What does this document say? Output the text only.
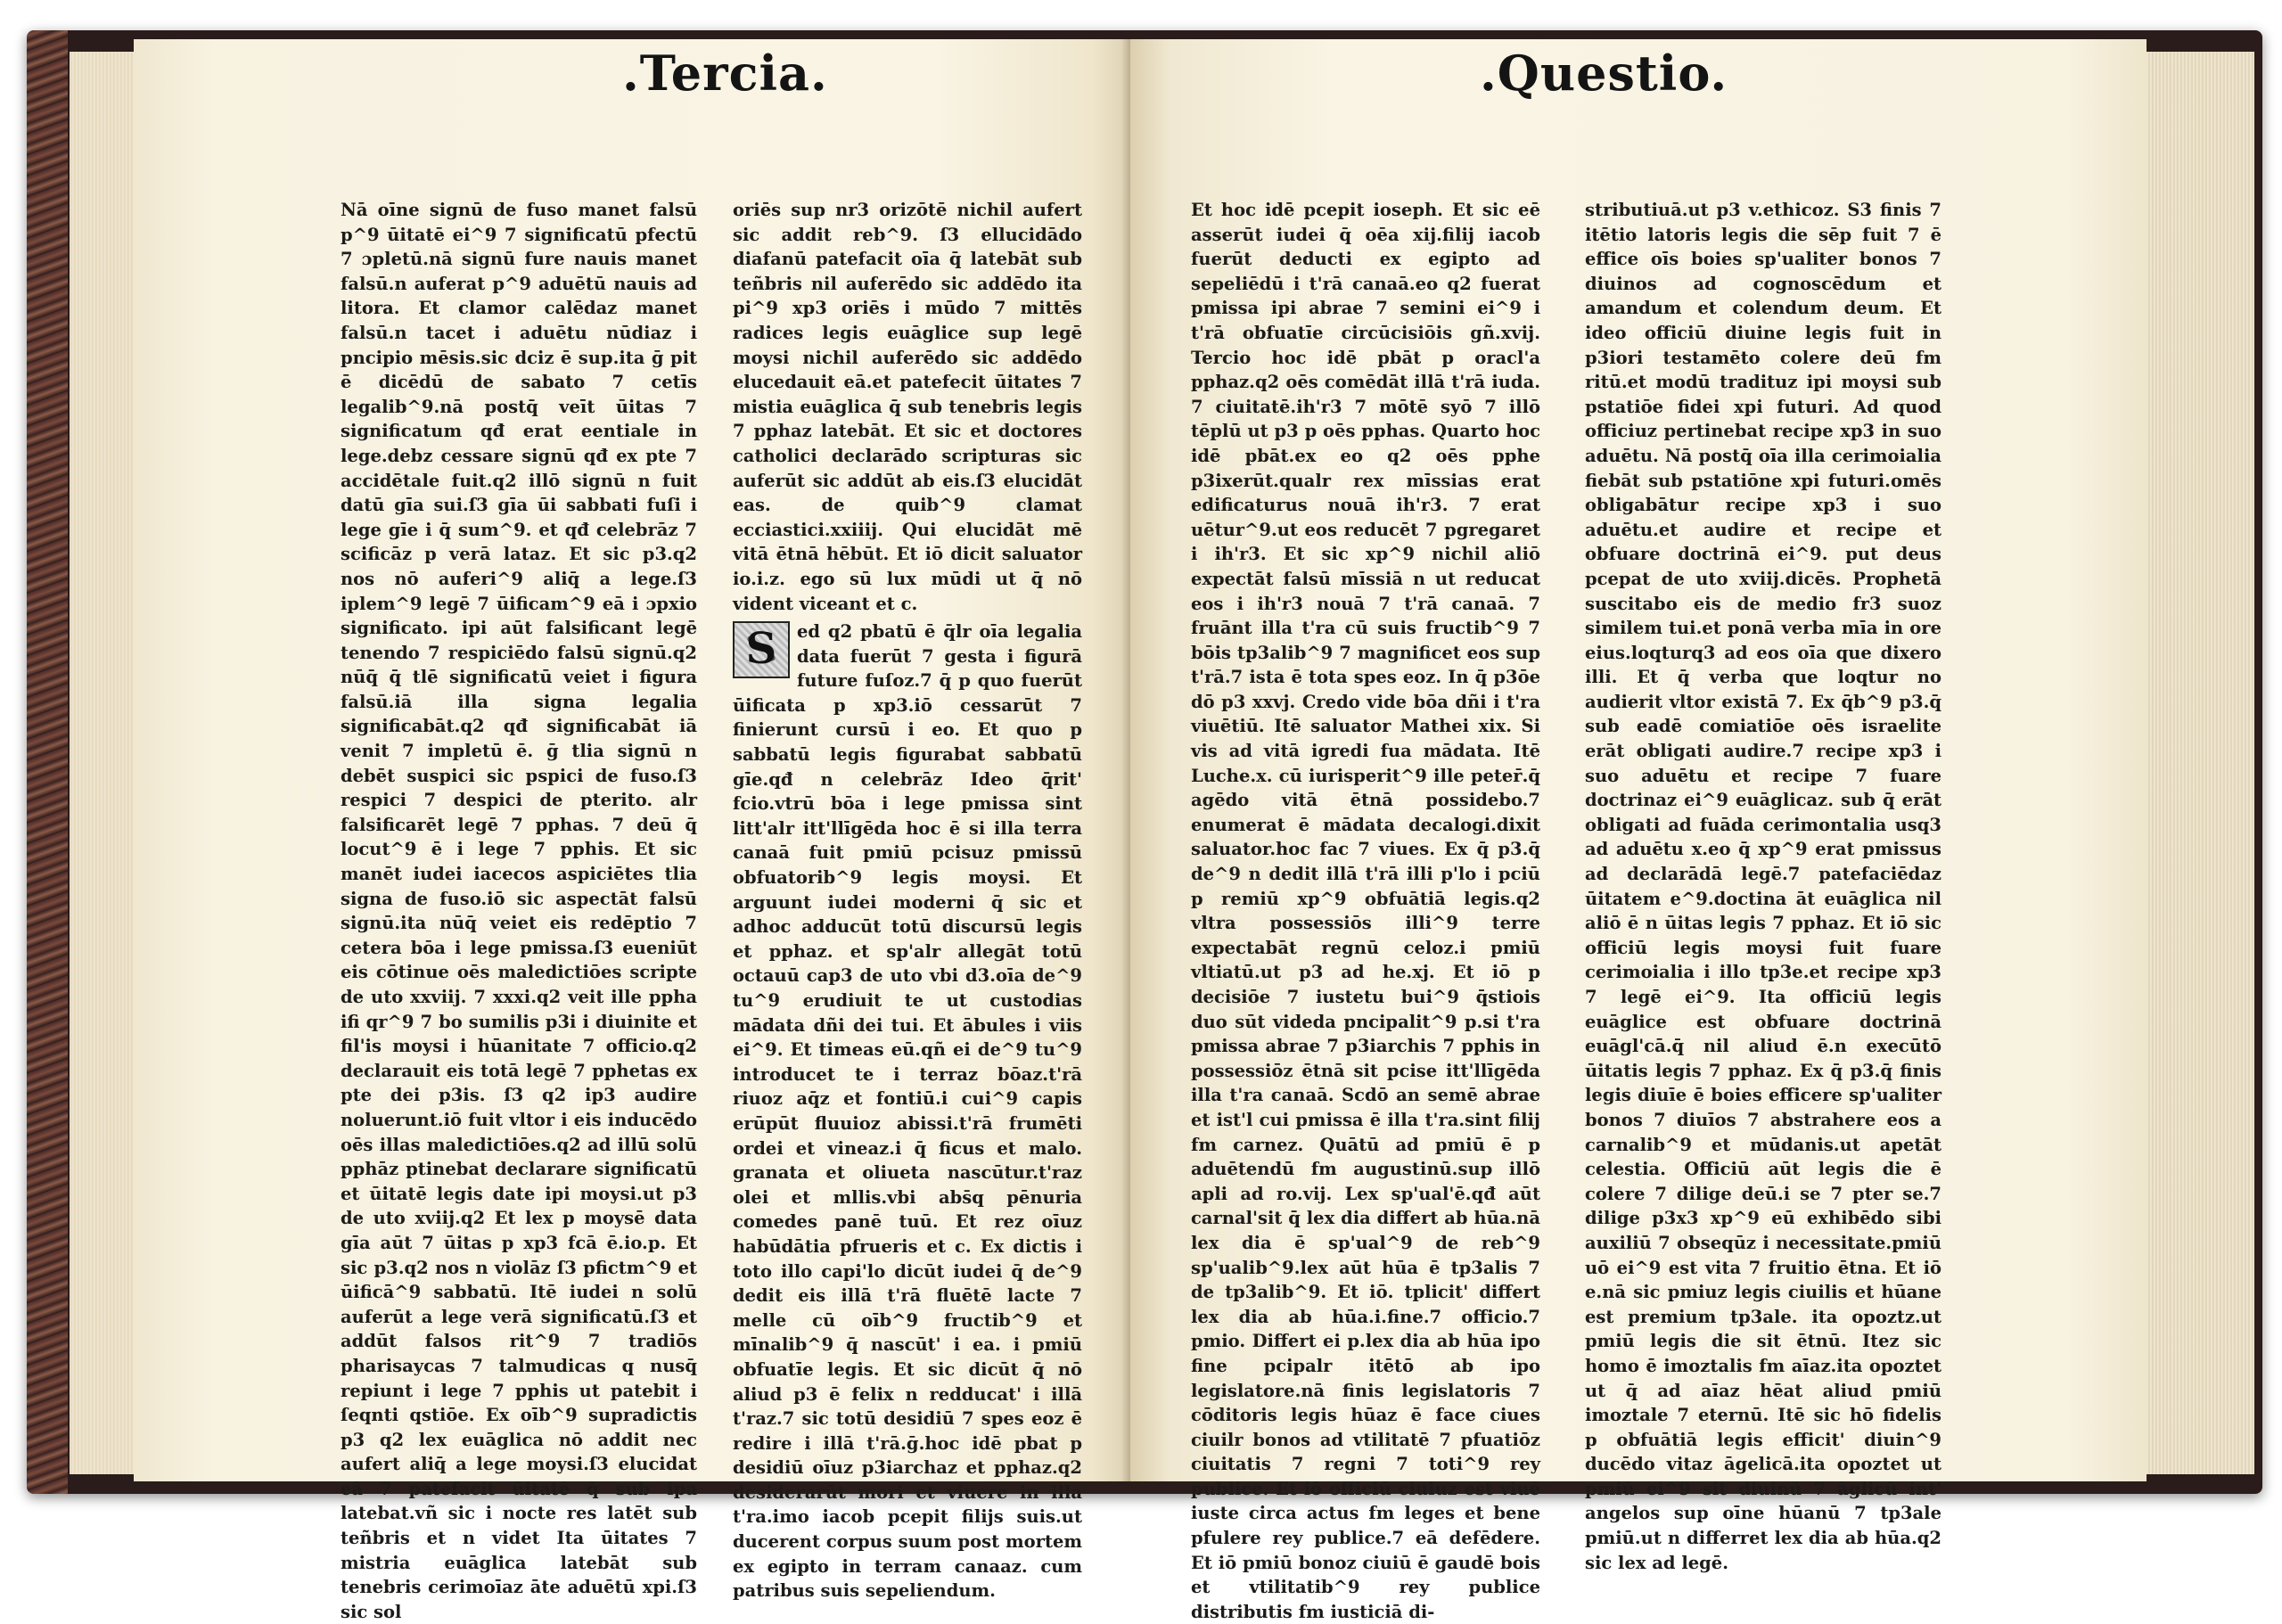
.Tercia.

Nā oīne signū de fuso manet falsū p^9 ūitatē ei^9 7 significatū pfectū 7 ɔpletū.nā signū fure nauis manet falsū.n auferat p^9 aduētū nauis ad litora. Et clamor calēdaz manet falsū.n tacet i aduētu nūdiaz i pncipio mēsis.sic dciz ē sup.ita ḡ pit ē dicēdū de sabato 7 cetīs legalib^9.nā postq̄ veīt ūitas 7 significatum qđ erat eentiale in lege.debz cessare signū qđ ex pte 7 accidētale fuit.q2 illō signū n fuit datū gīa sui.ſ3 gīa ūi sabbati fuſi i lege gīe i q̄ sum^9. et qđ celebrāz 7 scificāz p verā lataz. Et sic p3.q2 nos nō auferi^9 aliq̄ a lege.ſ3 iplem^9 legē 7 ūificam^9 eā i ɔpxio significato. ipi aūt falsificant legē tenendo 7 respiciēdo falsū signū.q2 nūq̄ q̄ tlē significatū veiet i figura falsū.iā illa signa legalia significabāt.q2 qđ significabāt iā venit 7 impletū ē. ḡ tlia signū n debēt suspici sic pspici de fuso.ſ3 respici 7 despici de pterito. alr falsificarēt legē 7 pphas. 7 deū q̄ locut^9 ē i lege 7 pphis. Et sic manēt iudei iacecos aspiciētes tlia signa de fuso.iō sic aspectāt falsū signū.ita nūq̄ veiet eis redēptio 7 cetera bōa i lege pmissa.ſ3 eueniūt eis cōtinue oēs maledictiōes scripte de uto xxviij. 7 xxxi.q2 veit ille ppha ifi qr^9 7 bo sumilis p3i i diuinite et fil'is moysi i hūanitate 7 officio.q2 declarauit eis totā legē 7 pphetas ex pte dei p3is. ſ3 q2 ip3 audire noluerunt.iō fuit vltor i eis inducēdo oēs illas maledictiōes.q2 ad illū solū pphāz ptinebat declarare significatū et ūitatē legis date ipi moysi.ut p3 de uto xviij.q2 Et lex p moysē data gīa aūt 7 ūitas p xp3 fcā ē.io.p. Et sic p3.q2 nos n violāz ſ3 pfictm^9 et ūificā^9 sabbatū. Itē iudei n solū auferūt a lege verā significatū.ſ3 et addūt falsos rit^9 7 tradiōs pharisaycas 7 talmudicas q nusq̄ repiunt i lege 7 pphis ut patebit i ſeqnti qstiōe. Ex oīb^9 supradictis p3 q2 lex euāglica nō addit nec aufert aliq̄ a lege moysi.ſ3 elucidat eā 7 patefacit ūitatē q̄ sub ipa latebat.vñ sic i nocte res latēt sub teñbris et n videt Ita ūitates 7 mistria euāglica latebāt sub tenebris cerimoīaz āte aduētū xpi.ſ3 sic sol

oriēs sup nr3 orizōtē nichil aufert sic addit reb^9. ſ3 ellucidādo diafanū patefacit oīa q̄ latebāt sub teñbris nil auferēdo sic addēdo ita pi^9 xp3 oriēs i mūdo 7 mittēs radices legis euāglice sup legē moysi nichil auferēdo sic addēdo elucedauit eā.et patefecit ūitates 7 mistia euāglica q̄ sub tenebris legis 7 pphaz latebāt. Et sic et doctores catholici declarādo scripturas sic auferūt sic addūt ab eis.ſ3 elucidāt eas. de quib^9 clamat ecciastici.xxiiij. Qui elucidāt mē vitā ētnā hēbūt. Et iō dicit saluator io.i.z. ego sū lux mūdi ut q̄ nō vident viceant et c.

S	ed q2 pbatū ē q̄lr oīa legalia data fuerūt 7 gesta i figurā future fuſoz.7 q̄ p quo fuerūt ūificata p xp3.iō cessarūt 7 finierunt cursū i eo. Et quo p sabbatū legis figurabat sabbatū gīe.qđ n celebrāz Ideo q̄rit' fcio.vtrū bōa i lege pmissa sint litt'alr itt'llīgēda hoc ē si illa terra canaā fuit pmiū pcisuz pmissū obfuatorib^9 legis moysi. Et arguunt iudei moderni q̄ sic et adhoc adducūt totū discursū legis et pphaz. et sp'alr allegāt totū octauū cap3 de uto vbi d3.oīa de^9 tu^9 erudiuit te ut custodias mādata dñi dei tui. Et ābules i viis ei^9. Et timeas eū.qñ ei de^9 tu^9 introducet te i terraz bōaz.t'rā riuoz aq̄z et fontiū.i cui^9 capis erūpūt fluuioz abissi.t'rā frumēti ordei et vineaz.i q̄ ficus et malo. granata et oliueta nascūtur.t'raz olei et mllis.vbi abs̄q pēnuria comedes panē tuū. Et rez oīuz habūdātia pfrueris et c. Ex dictis i toto illo capi'lo dicūt iudei q̄ de^9 dedit eis illā t'rā fluētē lacte 7 melle cū oīb^9 fructib^9 et mīnalib^9 q̄ nascūt' i ea. i pmiū obfuatīe legis. Et sic dicūt q̄ nō aliud p3 ē felix n redducat' i illā t'raz.7 sic totū desidiū 7 spes eoz ē redire i illā t'rā.ḡ.hoc idē pbat p desidiū oīuz p3iarchaz et pphaz.q2 desiderarūt mori et viuere in illa t'ra.imo iacob pcepit filijs suis.ut ducerent corpus suum post mortem ex egipto in terram canaaz. cum patribus suis sepeliendum.

.Questio.

Et hoc idē pcepit ioseph. Et sic eē asserūt iudei q̄ oēa xij.filij iacob fuerūt deducti ex egipto ad sepeliēdū i t'rā canaā.eo q2 fuerat pmissa ipi abrae 7 semini ei^9 i t'rā obfuatīe circūcisiōis gñ.xvij. Tercio hoc idē pbāt p oracl'a pphaz.q2 oēs comēdāt illā t'rā iuda. 7 ciuitatē.ih'r3 7 mōtē syō 7 illō tēplū ut p3 p oēs pphas. Quarto hoc idē pbāt.ex eo q2 oēs pphe p3ixerūt.qualr rex mīssias erat edificaturus nouā ih'r3. 7 erat uētur^9.ut eos reducēt 7 pgregaret i ih'r3. Et sic xp^9 nichil aliō expectāt falsū mīssiā n ut reducat eos i ih'r3 nouā 7 t'rā canaā. 7 fruānt illa t'ra cū suis fructib^9 7 bōis tp3alib^9 7 magnificet eos sup t'rā.7 ista ē tota spes eoz. In q̄ p3ōe dō p3 xxvj. Credo vide bōa dñi i t'ra viuētiū. Itē saluator Mathei xix. Si vis ad vitā igredi fua mādata. Itē Luche.x. cū iurisperit^9 ille peter̄.q̄ agēdo vitā ētnā possidebo.7 enumerat ē mādata decalogi.dixit saluator.hoc fac 7 viues. Ex q̄ p3.q̄ de^9 n dedit illā t'rā illi p'lo i pciū p remiū xp^9 obfuātiā legis.q2 vltra possessiōs illi^9 terre expectabāt regnū celoz.i pmiū vltiatū.ut p3 ad he.xj. Et iō p decisiōe 7 iustetu bui^9 q̄stiois duo sūt videda pncipalit^9 p.si t'ra pmissa abrae 7 p3iarchis 7 pphis in possessiōz ētnā sit pcise itt'llīgēda illa t'ra canaā. Scdō an semē abrae et ist'l cui pmissa ē illa t'ra.sint filij fm carnez. Quātū ad pmiū ē p aduētendū fm augustinū.sup illō apli ad ro.vij. Lex sp'ual'ē.qđ aūt carnal'sit q̄ lex dia differt ab hūa.nā lex dia ē sp'ual^9 de reb^9 sp'ualib^9.lex aūt hūa ē tp3alis 7 de tp3alib^9. Et iō. tplicit' differt lex dia ab hūa.i.fine.7 officio.7 pmio. Differt ei p.lex dia ab hūa ipo fine pcipalr itētō ab ipo legislatore.nā finis legislatoris 7 cōditoris legis hūaz ē face ciues ciuilr bonos ad vtilitatē 7 pfuatiōz ciuitatis 7 regni 7 toti^9 rey publice. Et iō officiū ciuiuz est viuē iuste circa actus fm leges et bene pfulere rey publice.7 eā defēdere. Et iō pmiū bonoz ciuiū ē gaudē bois et vtilitatib^9 rey publice distributis fm iusticiā di-

stributiuā.ut p3 v.ethicoz. S3 finis 7 itētio latoris legis die sēp fuit 7 ē effice oīs boies sp'ualiter bonos 7 diuinos ad cognoscēdum et amandum et colendum deum. Et ideo officiū diuine legis fuit in p3iori testamēto colere deū fm ritū.et modū tradituz ipi moysi sub pstatiōe fidei xpi futuri. Ad quod officiuz pertinebat recipe xp3 in suo aduētu. Nā postq̄ oīa illa cerimoialia fiebāt sub pstatiōne xpi futuri.omēs obligabātur recipe xp3 i suo aduētu.et audire et recipe et obfuare doctrinā ei^9. put deus pcepat de uto xviij.dicēs. Prophetā suscitabo eis de medio fr3 suoz similem tui.et ponā verba mīa in ore eius.loqturq3 ad eos oīa que dixero illi. Et q̄ verba que loqtur no audierit vltor existā 7. Ex q̄b^9 p3.q̄ sub eadē comiatiōe oēs israelite erāt obligati audire.7 recipe xp3 i suo aduētu et recipe 7 fuare doctrinaz ei^9 euāglicaz. sub q̄ erāt obligati ad fuāda cerimontalia usq3 ad aduētu x.eo q̄ xp^9 erat pmissus ad declarādā legē.7 patefaciēdaz ūitatem e^9.doctina āt euāglica nil aliō ē n ūitas legis 7 pphaz. Et iō sic officiū legis moysi fuit fuare cerimoialia i illo tp3e.et recipe xp3 7 legē ei^9. Ita officiū legis euāglice est obfuare doctrinā euāgl'cā.q̄ nil aliud ē.n execūtō ūitatis legis 7 pphaz. Ex q̄ p3.q̄ finis legis diuīe ē boies efficere sp'ualiter bonos 7 diuīos 7 abstrahere eos a carnalib^9 et mūdanis.ut apetāt celestia. Officiū aūt legis die ē colere 7 dilige deū.i se 7 pter se.7 dilige p3x3 xp^9 eū exhibēdo sibi auxiliū 7 obseqūz i necessitate.pmiū uō ei^9 est vita 7 fruitio ētna. Et iō e.nā sic pmiuz legis ciuilis et hūane est premium tp3ale. ita opoztz.ut pmiū legis die sit ētnū. Itez sic homo ē imoztalis fm aīaz.ita opoztet ut q̄ ad aīaz hēat aliud pmiū imoztale 7 eternū. Itē sic hō fidelis p obfuātiā legis efficit' diuin^9 ducēdo vitaz āgelicā.ita opoztet ut pmiū ei^9 sit diuinū 7 āglicū int' angelos sup oīne hūanū 7 tp3ale pmiū.ut n differret lex dia ab hūa.q2 sic lex ad legē.
